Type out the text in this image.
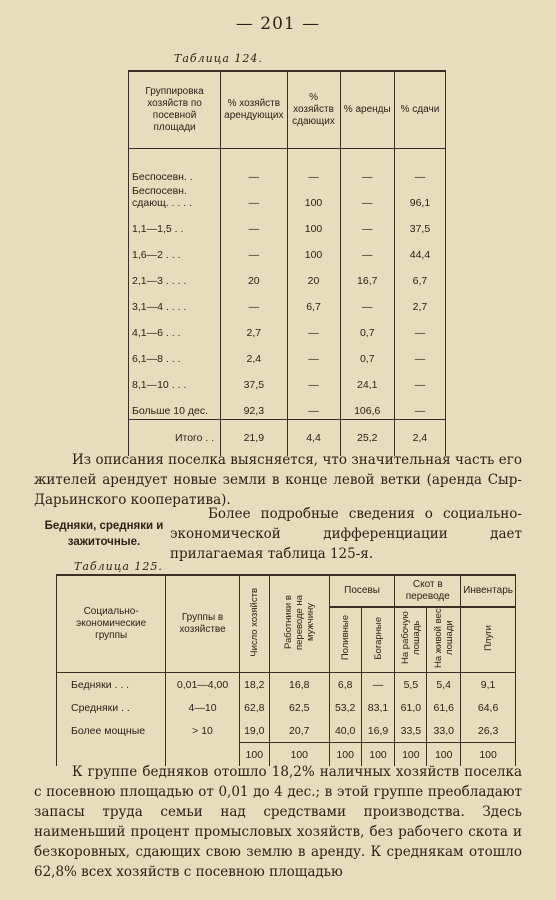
— 201 —
Таблица 124.
Группировка хозяйств по посевной площади	% хозяйств арендующих	% хозяйств сдающих	% аренды	% сдачи
Беспосевн. .	—	—	—	—
Беспосевн. сдающ. . . . .	—	100	—	96,1
1,1—1,5 . .	—	100	—	37,5
1,6—2 . . .	—	100	—	44,4
2,1—3 . . . .	20	20	16,7	6,7
3,1—4 . . . .	—	6,7	—	2,7
4,1—6 . . .	2,7	—	0,7	—
6,1—8 . . .	2,4	—	0,7	—
8,1—10 . . .	37,5	—	24,1	—
Больше 10 дес.	92,3	—	106,6	—
Итого . .	21,9	4,4	25,2	2,4
Из описания поселка выясняется, что значительная часть его жителей арендует новые земли в конце левой ветки (аренда Сыр-Дарьинского кооператива).
Бедняки, средняки и зажиточные.
Более подробные сведения о социально-экономической дифференциации дает прилагаемая таблица 125-я.
Таблица 125.
Социально-экономические группы	Группы в хозяйстве	Число хозяйств	Работники в переводе на мужчину	Посевы		Скот в переводе		Инвентарь
				Поливные	Богарные	На рабочую лошадь	На живой вес лошади	Плуги
Бедняки . . .	0,01—4,00	18,2	16,8	6,8	—	5,5	5,4	9,1
Средняки . .	4—10	62,8	62,5	53,2	83,1	61,0	61,6	64,6
Более мощные	> 10	19,0	20,7	40,0	16,9	33,5	33,0	26,3
		100	100	100	100	100	100	100
К группе бедняков отошло 18,2% наличных хозяйств поселка с посевною площадью от 0,01 до 4 дес.; в этой группе преобладают запасы труда семьи над средствами производства. Здесь наименьший процент промысловых хозяйств, без рабочего скота и безкоровных, сдающих свою землю в аренду. К среднякам отошло 62,8% всех хозяйств с посевною площадью
